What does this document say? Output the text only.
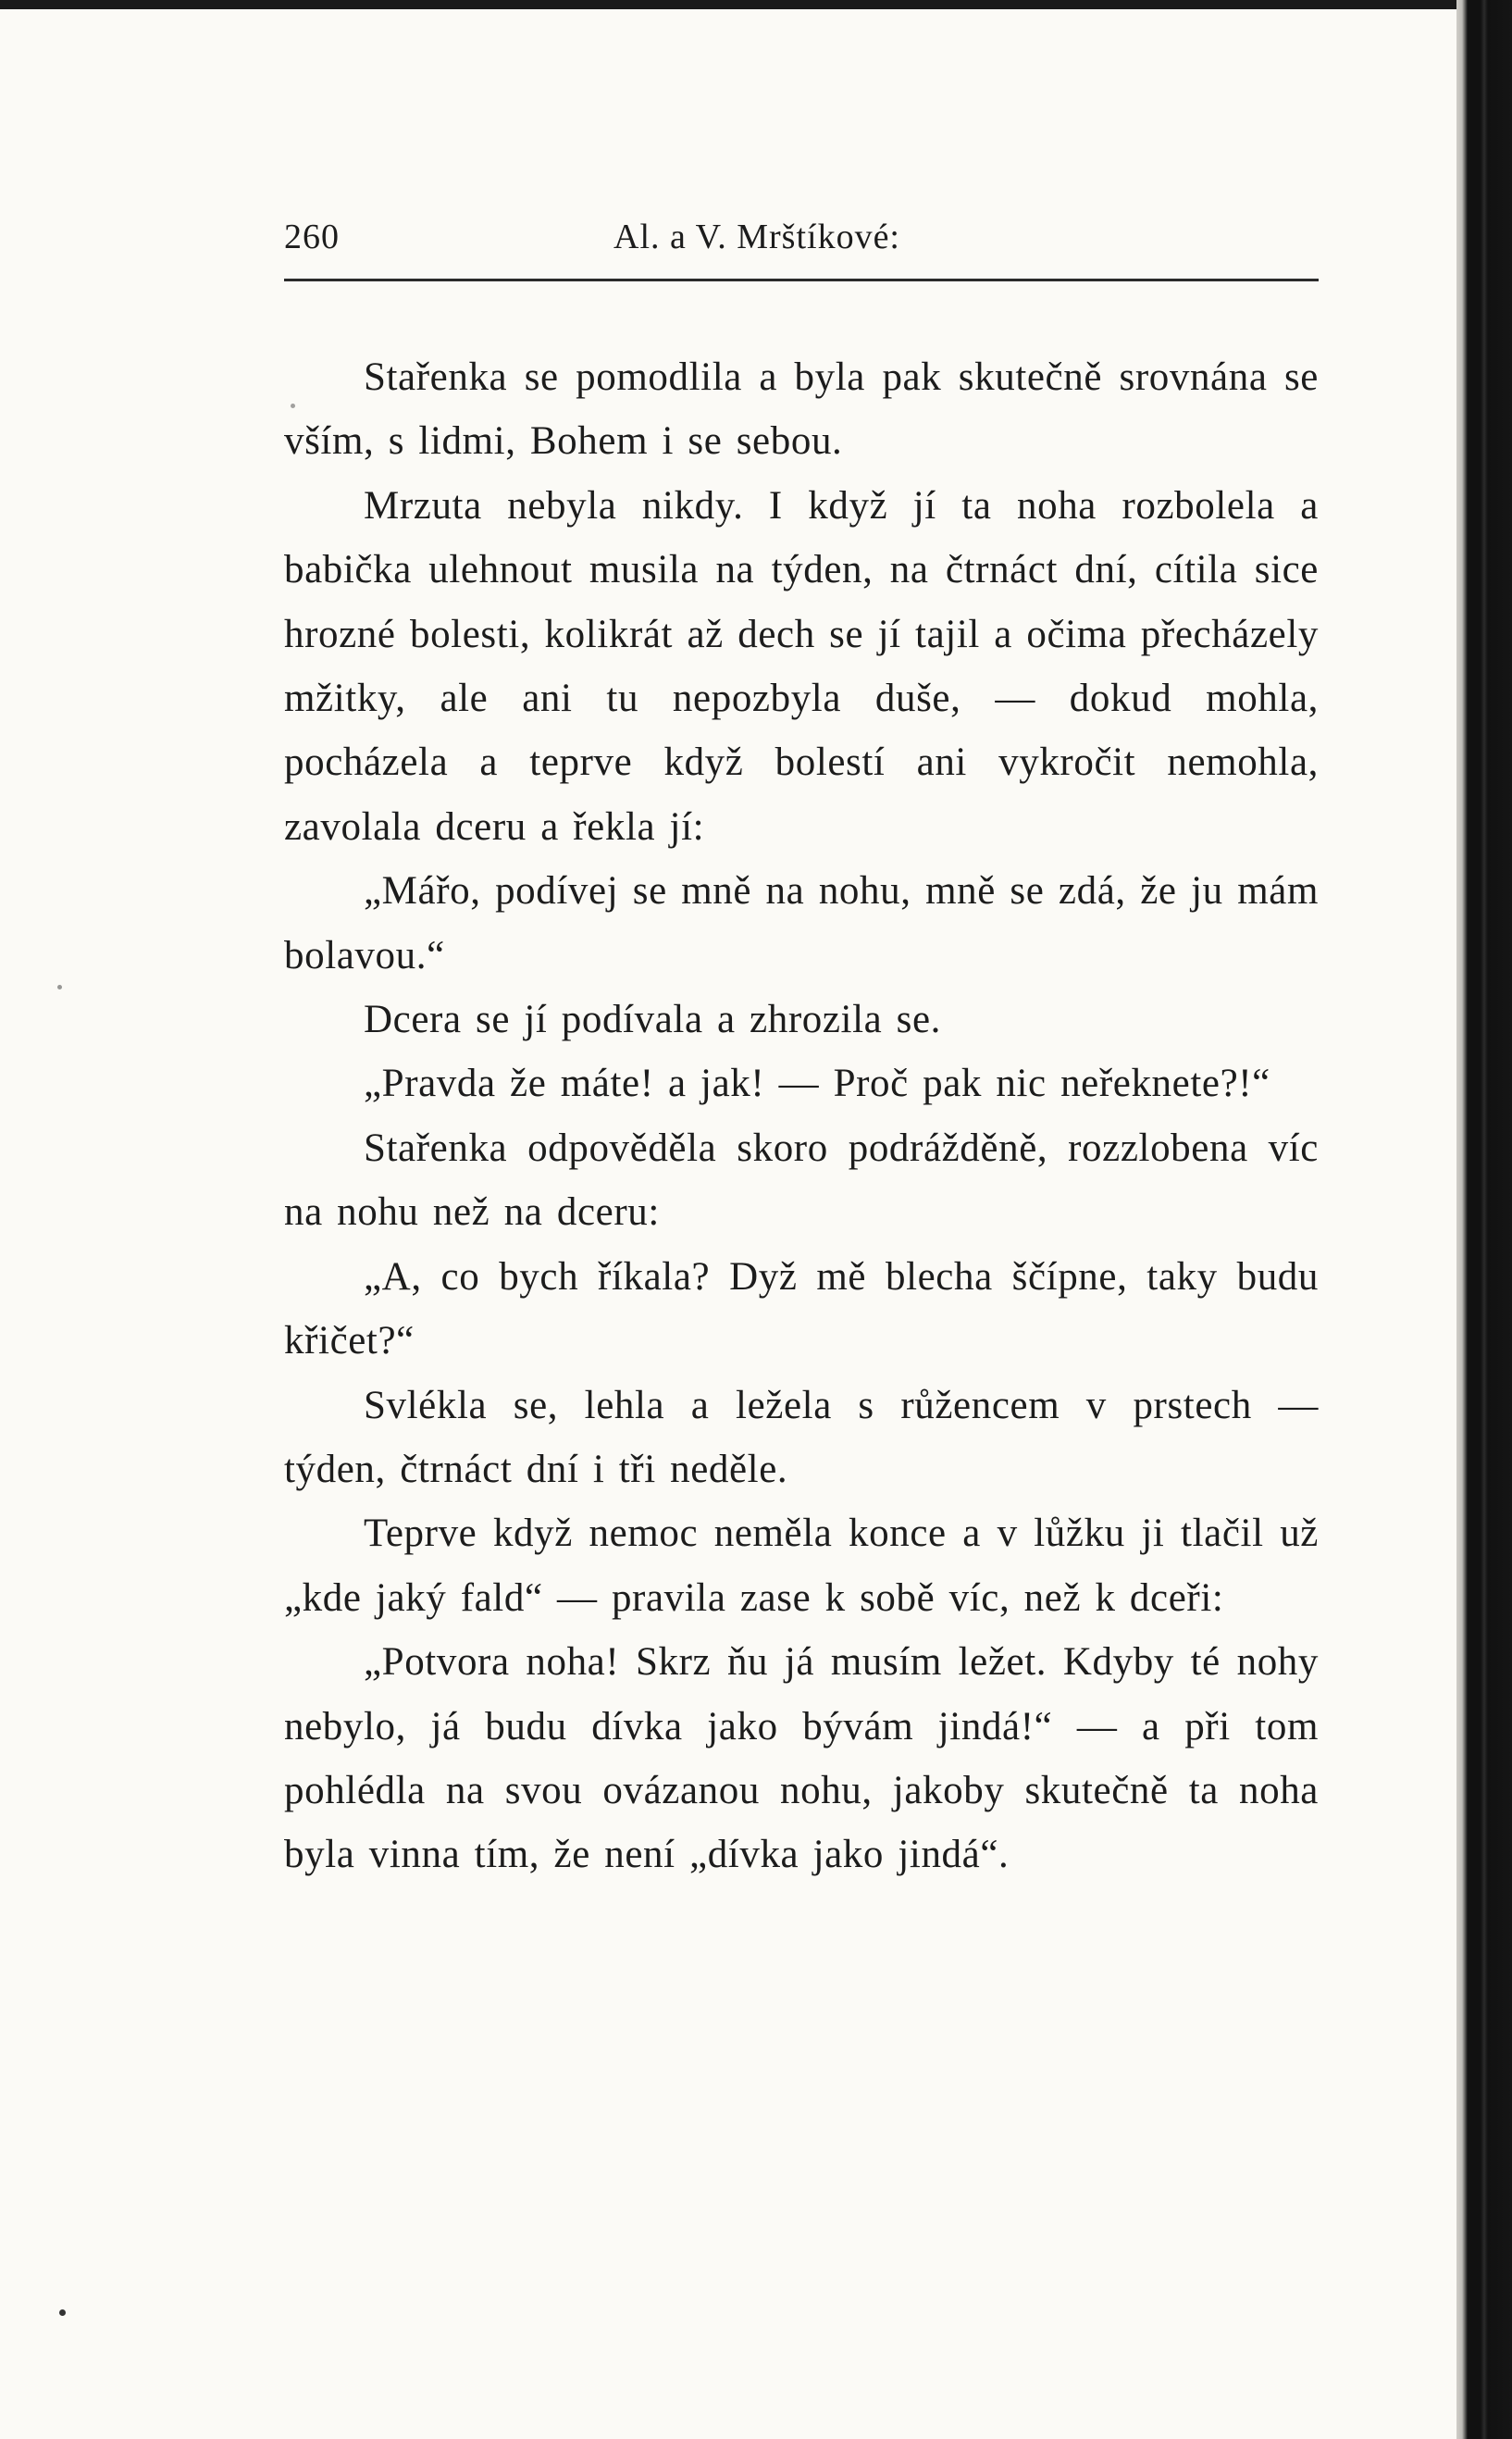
260	Al. a V. Mrštíkové:

Stařenka se pomodlila a byla pak skutečně srovnána se vším, s lidmi, Bohem i se sebou.

Mrzuta nebyla nikdy. I když jí ta noha rozbolela a babička ulehnout musila na týden, na čtrnáct dní, cítila sice hrozné bolesti, kolikrát až dech se jí tajil a očima přecházely mžitky, ale ani tu nepozbyla duše, — dokud mohla, pocházela a teprve když bolestí ani vykročit nemohla, zavolala dceru a řekla jí:

„Mářo, podívej se mně na nohu, mně se zdá, že ju mám bolavou.“

Dcera se jí podívala a zhrozila se.

„Pravda že máte! a jak! — Proč pak nic neřeknete?!“

Stařenka odpověděla skoro podrážděně, rozzlobena víc na nohu než na dceru:

„A, co bych říkala? Dyž mě blecha ščípne, taky budu křičet?“

Svlékla se, lehla a ležela s růžencem v prstech — týden, čtrnáct dní i tři neděle.

Teprve když nemoc neměla konce a v lůžku ji tlačil už „kde jaký fald“ — pravila zase k sobě víc, než k dceři:

„Potvora noha! Skrz ňu já musím ležet. Kdyby té nohy nebylo, já budu dívka jako bývám jindá!“ — a při tom pohlédla na svou ovázanou nohu, jakoby skutečně ta noha byla vinna tím, že není „dívka jako jindá“.
